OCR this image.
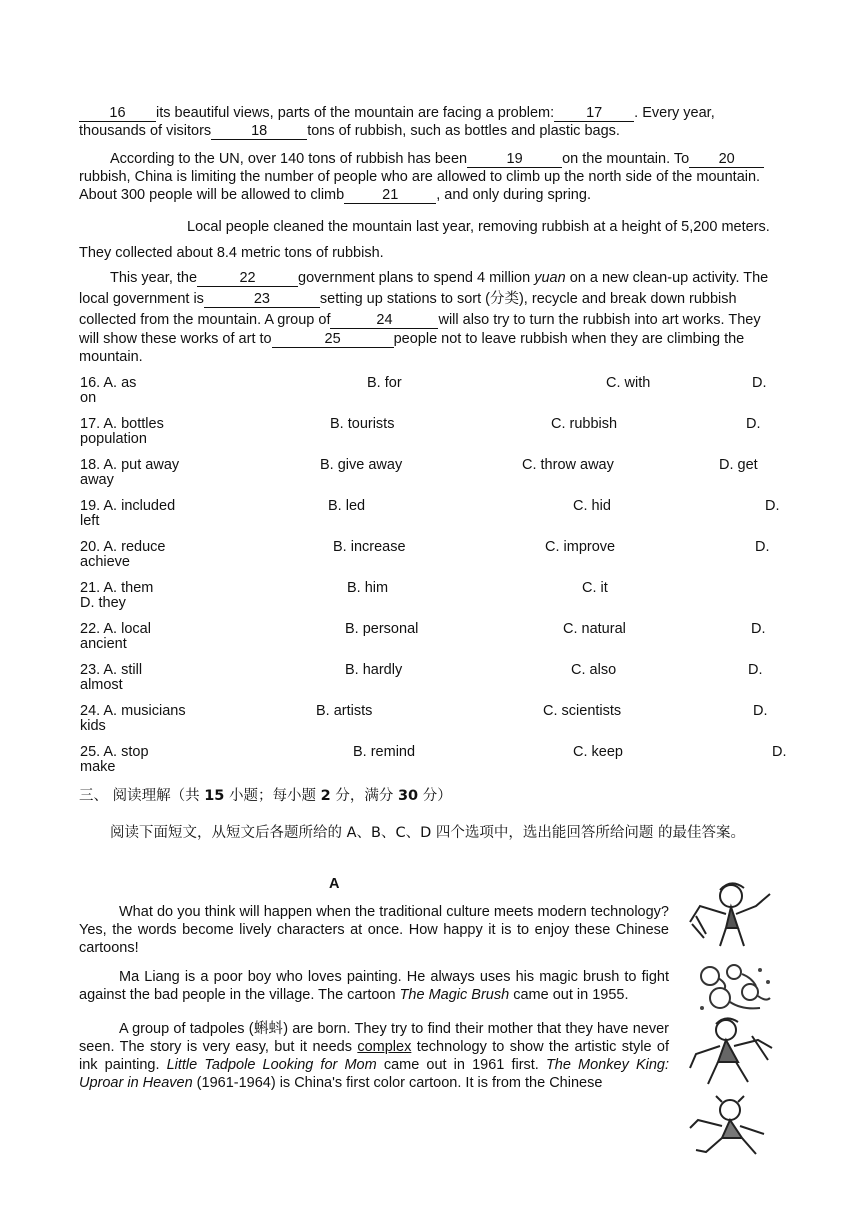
16 its beautiful views, parts of the mountain are facing a problem: 17 . Every year,
thousands of visitors	18	tons of rubbish, such as bottles and plastic bags.
According to the UN, over 140 tons of rubbish has been	19	on the mountain. To 20
rubbish, China is limiting the number of people who are allowed to climb up the north side of the mountain.
About 300 people will be allowed to climb	21	, and only during spring.
Local people cleaned the mountain last year, removing rubbish at a height of 5,200 meters.
They collected about 8.4 metric tons of rubbish.
This year, the	22	government plans to spend 4 million yuan on a new clean-up activity. The
local government is	23	setting up stations to sort (分类), recycle and break down rubbish
collected from the mountain. A group of	24	will also try to turn the rubbish into art works. They
will show these works of art to	25	people not to leave rubbish when they are climbing the
mountain.
16. A. as	B. for	C. with	D.
on
17. A. bottles	B. tourists	C. rubbish	D.
population
18. A. put away	B. give away	C. throw away	D. get
away
19. A. included	B. led	C. hid	D.
left
20. A. reduce	B. increase	C. improve	D.
achieve
21. A. them	B. him	C. it
D. they
22. A. local	B. personal	C. natural	D.
ancient
23. A. still	B. hardly	C. also	D.
almost
24. A. musicians	B. artists	C. scientists	D.
kids
25. A. stop	B. remind	C. keep	D.
make
三、 阅读理解（共 15 小题；每小题 2 分，满分 30 分）
阅读下面短文，从短文后各题所给的 A、B、C、D 四个选项中，选出能回答所给问题 的最佳答案。
A
What do you think will happen when the traditional culture meets modern technology? Yes, the words become lively characters at once. How happy it is to enjoy these Chinese cartoons!
Ma Liang is a poor boy who loves painting. He always uses his magic brush to fight against the bad people in the village. The cartoon The Magic Brush came out in 1955.
A group of tadpoles (蝌蚪) are born. They try to find their mother that they have never seen. The story is very easy, but it needs complex technology to show the artistic style of ink painting. Little Tadpole Looking for Mom came out in 1961 first. The Monkey King: Uproar in Heaven (1961-1964) is China's first color cartoon. It is from the Chinese
